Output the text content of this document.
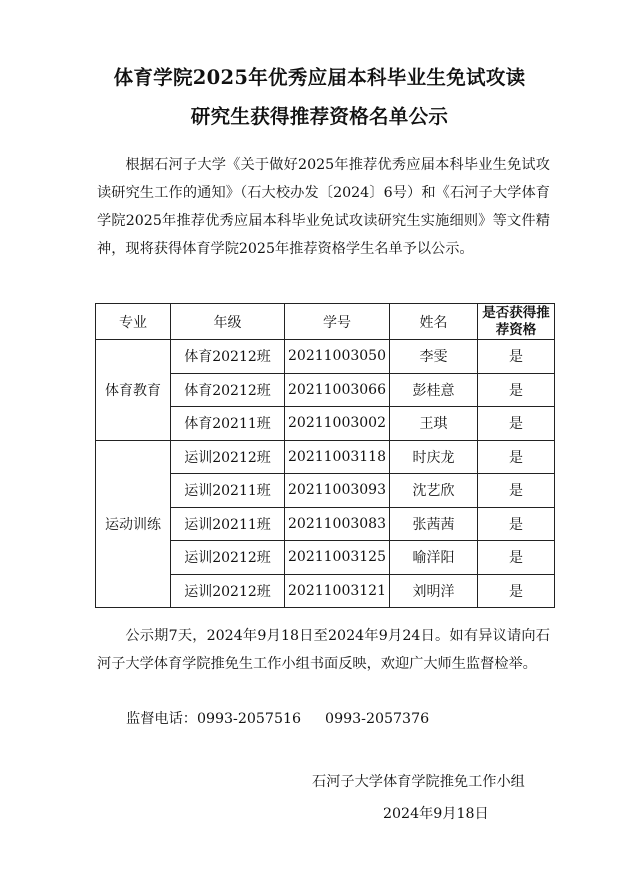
体育学院2025年优秀应届本科毕业生免试攻读
研究生获得推荐资格名单公示
根据石河子大学《关于做好2025年推荐优秀应届本科毕业生免试攻读研究生工作的通知》（石大校办发〔2024〕6号）和《石河子大学体育学院2025年推荐优秀应届本科毕业免试攻读研究生实施细则》等文件精神，现将获得体育学院2025年推荐资格学生名单予以公示。
专业	年级	学号	姓名	是否获得推荐资格
体育教育	体育20212班	20211003050	李雯	是
	体育20212班	20211003066	彭桂意	是
	体育20211班	20211003002	王琪	是
运动训练	运训20212班	20211003118	时庆龙	是
	运训20211班	20211003093	沈艺欣	是
	运训20211班	20211003083	张茜茜	是
	运训20212班	20211003125	喻洋阳	是
	运训20212班	20211003121	刘明洋	是
公示期7天，2024年9月18日至2024年9月24日。如有异议请向石河子大学体育学院推免生工作小组书面反映，欢迎广大师生监督检举。
监督电话：0993-2057516 0993-2057376
石河子大学体育学院推免工作小组
2024年9月18日
